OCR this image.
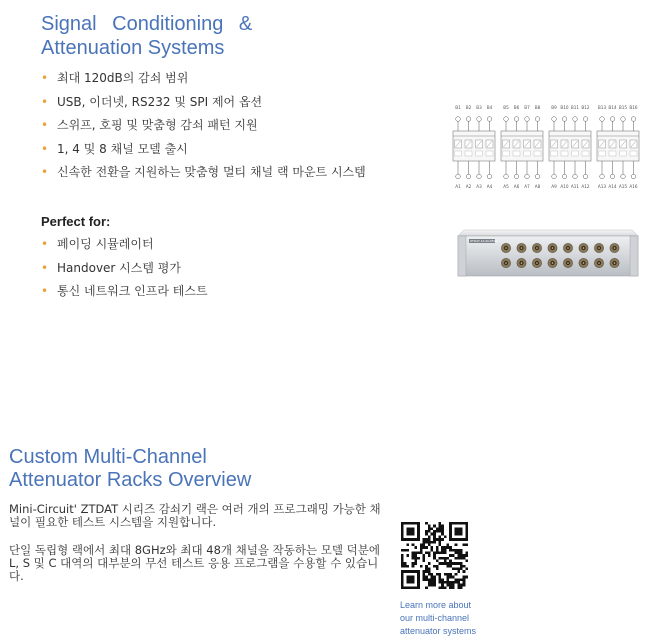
Signal Conditioning &
Attenuation Systems
• 최대 120dB의 감쇠 범위
• USB, 이더넷, RS232 및 SPI 제어 옵션
• 스위프, 호핑 및 맞춤형 감쇠 패턴 지원
• 1, 4 및 8 채널 모델 출시
• 신속한 전환을 지원하는 맞춤형 멀티 채널 랙 마운트 시스템
Perfect for:
• 페이딩 시뮬레이터
• Handover 시스템 평가
• 통신 네트워크 인프라 테스트
B1 B2 B3 B4	B5 B6 B7 B8	B9 B10 B11 B12 B13 B14 B15 B16
A1 A2 A3 A4	A5 A6 A7 A8	A9 A10 A11 A12 A13 A14 A15 A16
ZTDAT-16-6G95SA
Custom Multi-Channel
Attenuator Racks Overview

Mini-Circuit' ZTDAT 시리즈 감쇠기 랙은 여러 개의 프로그래밍 가능한 채널이 필요한 테스트 시스템을 지원합니다.

단일 독립형 랙에서 최대 8GHz와 최대 48개 채널을 작동하는 모델 덕분에 L, S 및 C 대역의 대부분의 무선 테스트 응용 프로그램을 수용할 수 있습니다.

Learn more about
our multi-channel
attenuator systems
